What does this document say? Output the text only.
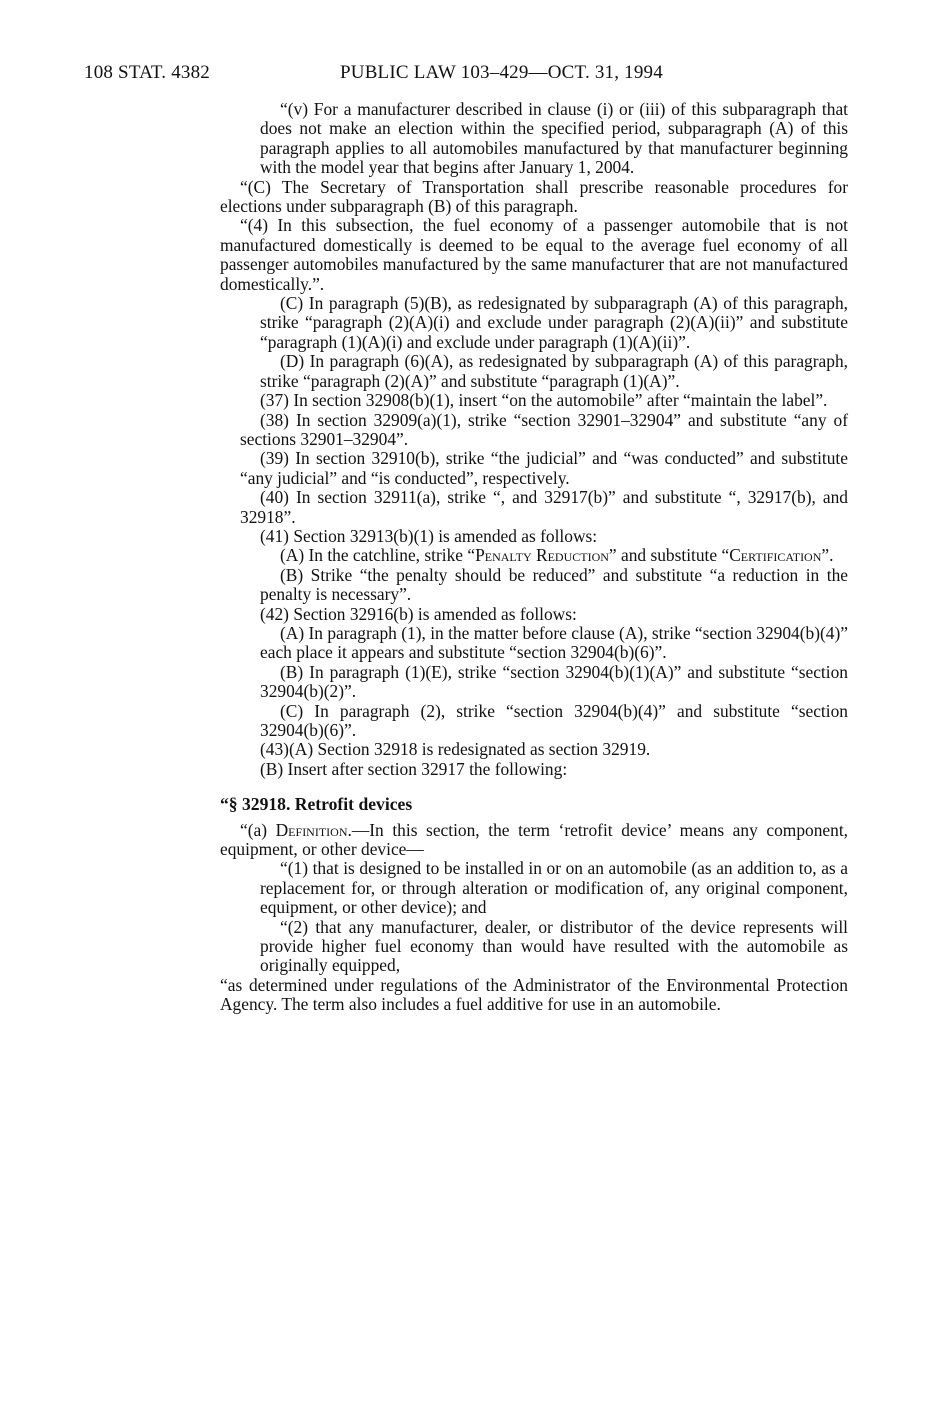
108 STAT. 4382	PUBLIC LAW 103–429—OCT. 31, 1994

“(v) For a manufacturer described in clause (i) or (iii) of this subparagraph that does not make an election within the specified period, subparagraph (A) of this paragraph applies to all automobiles manufactured by that manufacturer beginning with the model year that begins after January 1, 2004.

“(C) The Secretary of Transportation shall prescribe reasonable procedures for elections under subparagraph (B) of this paragraph.

“(4) In this subsection, the fuel economy of a passenger automobile that is not manufactured domestically is deemed to be equal to the average fuel economy of all passenger automobiles manufactured by the same manufacturer that are not manufactured domestically.”.

(C) In paragraph (5)(B), as redesignated by subparagraph (A) of this paragraph, strike “paragraph (2)(A)(i) and exclude under paragraph (2)(A)(ii)” and substitute “paragraph (1)(A)(i) and exclude under paragraph (1)(A)(ii)”.

(D) In paragraph (6)(A), as redesignated by subparagraph (A) of this paragraph, strike “paragraph (2)(A)” and substitute “paragraph (1)(A)”.

(37) In section 32908(b)(1), insert “on the automobile” after “maintain the label”.

(38) In section 32909(a)(1), strike “section 32901–32904” and substitute “any of sections 32901–32904”.

(39) In section 32910(b), strike “the judicial” and “was conducted” and substitute “any judicial” and “is conducted”, respectively.

(40) In section 32911(a), strike “, and 32917(b)” and substitute “, 32917(b), and 32918”.

(41) Section 32913(b)(1) is amended as follows:

(A) In the catchline, strike “Penalty Reduction” and substitute “Certification”.

(B) Strike “the penalty should be reduced” and substitute “a reduction in the penalty is necessary”.

(42) Section 32916(b) is amended as follows:

(A) In paragraph (1), in the matter before clause (A), strike “section 32904(b)(4)” each place it appears and substitute “section 32904(b)(6)”.

(B) In paragraph (1)(E), strike “section 32904(b)(1)(A)” and substitute “section 32904(b)(2)”.

(C) In paragraph (2), strike “section 32904(b)(4)” and substitute “section 32904(b)(6)”.

(43)(A) Section 32918 is redesignated as section 32919.

(B) Insert after section 32917 the following:

“§ 32918. Retrofit devices

“(a) Definition.—In this section, the term ‘retrofit device’ means any component, equipment, or other device—

“(1) that is designed to be installed in or on an automobile (as an addition to, as a replacement for, or through alteration or modification of, any original component, equipment, or other device); and

“(2) that any manufacturer, dealer, or distributor of the device represents will provide higher fuel economy than would have resulted with the automobile as originally equipped,

“as determined under regulations of the Administrator of the Environmental Protection Agency. The term also includes a fuel additive for use in an automobile.
